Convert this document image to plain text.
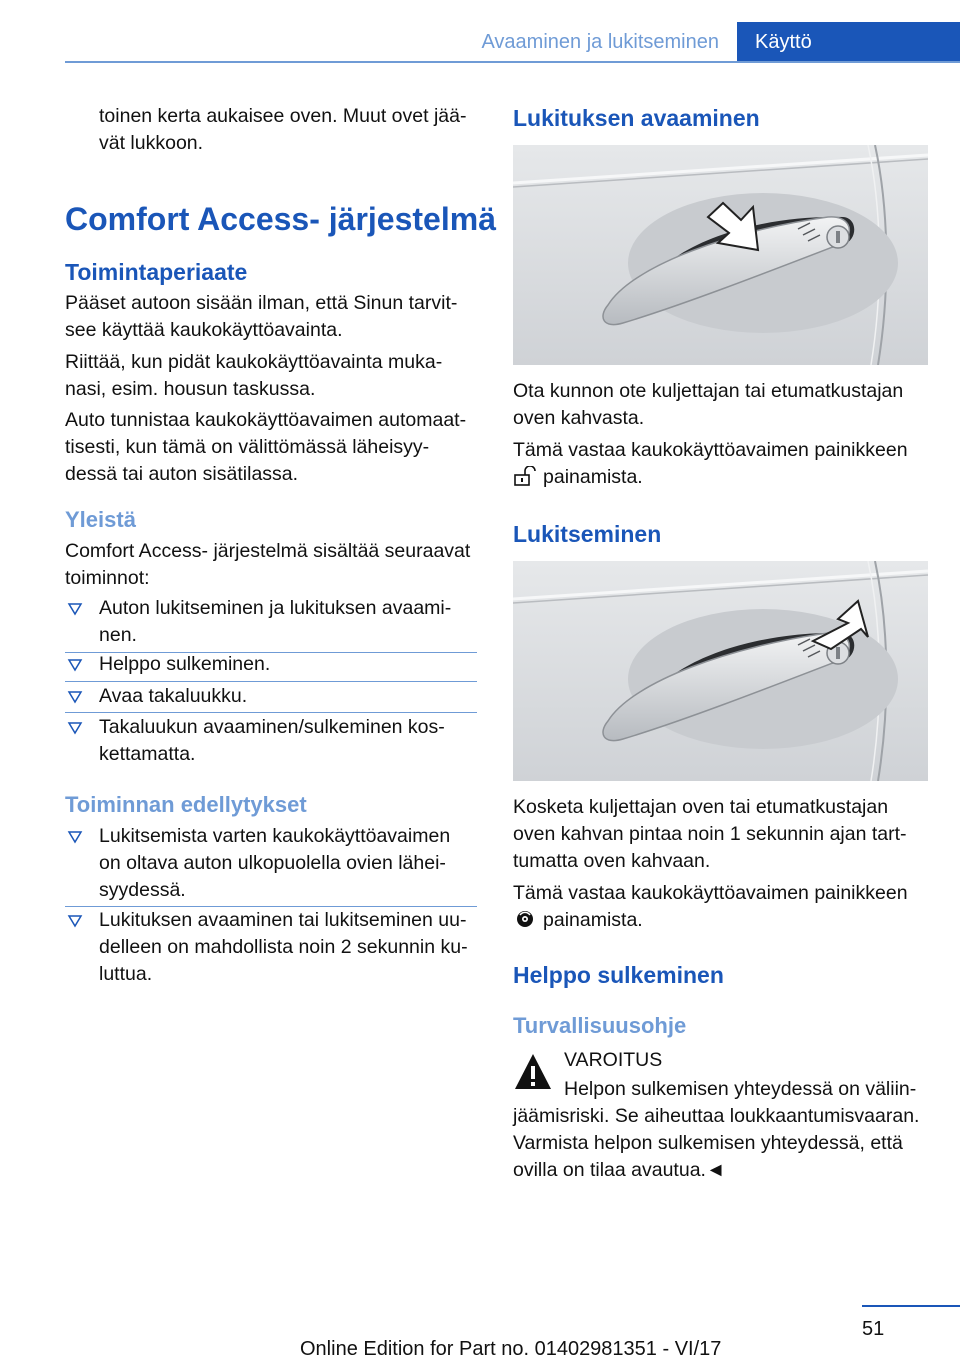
Avaaminen ja lukitseminen	Käyttö

toinen kerta aukaisee oven. Muut ovet jää-

vät lukkoon.

Comfort Access- järjestelmä
Toimintaperiaate

Pääset autoon sisään ilman, että Sinun tarvit-

see käyttää kaukokäyttöavainta.

Riittää, kun pidät kaukokäyttöavainta muka-

nasi, esim. housun taskussa.

Auto tunnistaa kaukokäyttöavaimen automaat-

tisesti, kun tämä on välittömässä läheisyy-

dessä tai auton sisätilassa.

Yleistä

Comfort Access- järjestelmä sisältää seuraavat

toiminnot:

Auton lukitseminen ja lukituksen avaami-
nen.
Helppo sulkeminen.
Avaa takaluukku.
Takaluukun avaaminen/sulkeminen kos-
kettamatta.
Toiminnan edellytykset
Lukitsemista varten kaukokäyttöavaimen
on oltava auton ulkopuolella ovien lähei-
syydessä.
Lukituksen avaaminen tai lukitseminen uu-
delleen on mahdollista noin 2 sekunnin ku-
luttua.
Lukituksen avaaminen

Ota kunnon ote kuljettajan tai etumatkustajan

oven kahvasta.

Tämä vastaa kaukokäyttöavaimen painikkeen

painamista.

Lukitseminen

Kosketa kuljettajan oven tai etumatkustajan

oven kahvan pintaa noin 1 sekunnin ajan tart-

tumatta oven kahvaan.

Tämä vastaa kaukokäyttöavaimen painikkeen

painamista.

Helppo sulkeminen
Turvallisuusohje

VAROITUS

Helpon sulkemisen yhteydessä on väliin-

jäämisriski. Se aiheuttaa loukkaantumisvaaran.

Varmista helpon sulkemisen yhteydessä, että

ovilla on tilaa avautua.◄

51
Online Edition for Part no. 01402981351 - VI/17
